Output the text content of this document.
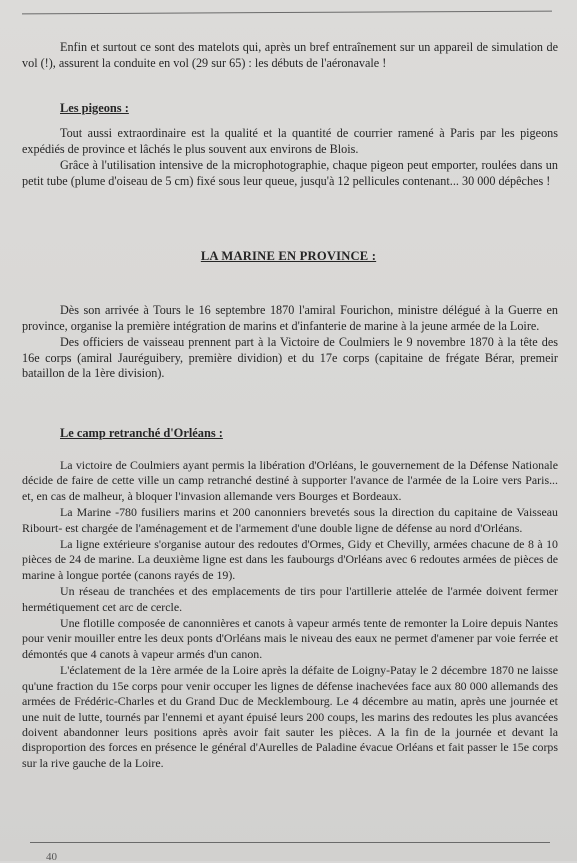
Enfin et surtout ce sont des matelots qui, après un bref entraînement sur un appareil de simulation de vol (!), assurent la conduite en vol (29 sur 65) : les débuts de l'aéronavale !

Les pigeons :

Tout aussi extraordinaire est la qualité et la quantité de courrier ramené à Paris par les pigeons expédiés de province et lâchés le plus souvent aux environs de Blois.

Grâce à l'utilisation intensive de la microphotographie, chaque pigeon peut emporter, roulées dans un petit tube (plume d'oiseau de 5 cm) fixé sous leur queue, jusqu'à 12 pellicules contenant... 30 000 dépêches !

LA MARINE EN PROVINCE :

Dès son arrivée à Tours le 16 septembre 1870 l'amiral Fourichon, ministre délégué à la Guerre en province, organise la première intégration de marins et d'infanterie de marine à la jeune armée de la Loire.

Des officiers de vaisseau prennent part à la Victoire de Coulmiers le 9 novembre 1870 à la tête des 16e corps (amiral Jauréguibery, première dividion) et du 17e corps (capitaine de frégate Bérar, premeir bataillon de la 1ère division).

Le camp retranché d'Orléans :

La victoire de Coulmiers ayant permis la libération d'Orléans, le gouvernement de la Défense Nationale décide de faire de cette ville un camp retranché destiné à supporter l'avance de l'armée de la Loire vers Paris... et, en cas de malheur, à bloquer l'invasion allemande vers Bourges et Bordeaux.

La Marine -780 fusiliers marins et 200 canonniers brevetés sous la direction du capitaine de Vaisseau Ribourt- est chargée de l'aménagement et de l'armement d'une double ligne de défense au nord d'Orléans.

La ligne extérieure s'organise autour des redoutes d'Ormes, Gidy et Chevilly, armées chacune de 8 à 10 pièces de 24 de marine. La deuxième ligne est dans les faubourgs d'Orléans avec 6 redoutes armées de pièces de marine à longue portée (canons rayés de 19).

Un réseau de tranchées et des emplacements de tirs pour l'artillerie attelée de l'armée doivent fermer hermétiquement cet arc de cercle.

Une flotille composée de canonnières et canots à vapeur armés tente de remonter la Loire depuis Nantes pour venir mouiller entre les deux ponts d'Orléans mais le niveau des eaux ne permet d'amener par voie ferrée et démontés que 4 canots à vapeur armés d'un canon.

L'éclatement de la 1ère armée de la Loire après la défaite de Loigny-Patay le 2 décembre 1870 ne laisse qu'une fraction du 15e corps pour venir occuper les lignes de défense inachevées face aux 80 000 allemands des armées de Frédéric-Charles et du Grand Duc de Mecklembourg. Le 4 décembre au matin, après une journée et une nuit de lutte, tournés par l'ennemi et ayant épuisé leurs 200 coups, les marins des redoutes les plus avancées doivent abandonner leurs positions après avoir fait sauter les pièces. A la fin de la journée et devant la disproportion des forces en présence le général d'Aurelles de Paladine évacue Orléans et fait passer le 15e corps sur la rive gauche de la Loire.

40
